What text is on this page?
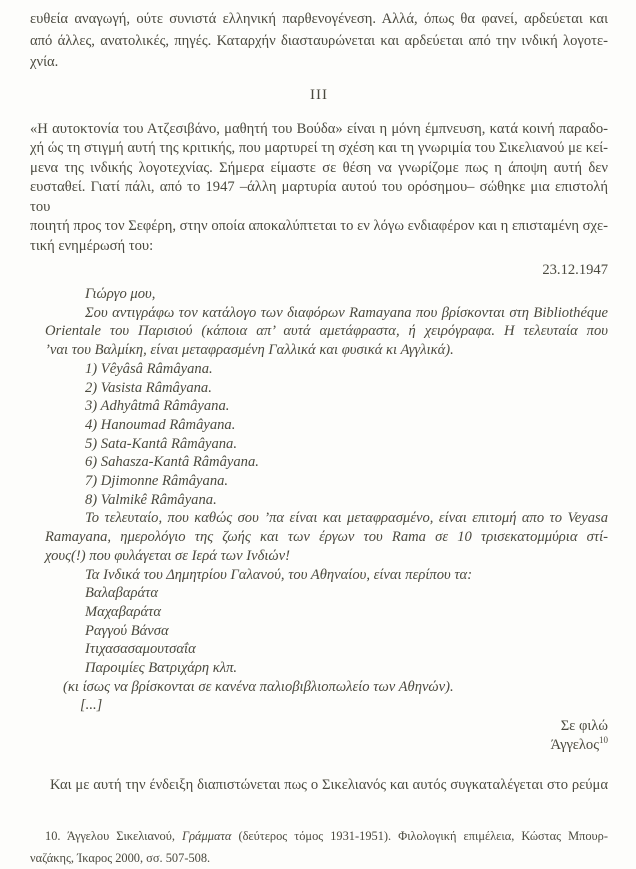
ευθεία αναγωγή, ούτε συνιστά ελληνική παρθενογένεση. Αλλά, όπως θα φανεί, αρδεύεται και
από άλλες, ανατολικές, πηγές. Καταρχήν διασταυρώνεται και αρδεύεται από την ινδική λογοτε-
χνία.
III
«Η αυτοκτονία του Ατζεσιβάνο, μαθητή του Βούδα» είναι η μόνη έμπνευση, κατά κοινή παραδο-
χή ώς τη στιγμή αυτή της κριτικής, που μαρτυρεί τη σχέση και τη γνωριμία του Σικελιανού με κεί-
μενα της ινδικής λογοτεχνίας. Σήμερα είμαστε σε θέση να γνωρίζομε πως η άποψη αυτή δεν
ευσταθεί. Γιατί πάλι, από το 1947 –άλλη μαρτυρία αυτού του ορόσημου– σώθηκε μια επιστολή του
ποιητή προς τον Σεφέρη, στην οποία αποκαλύπτεται το εν λόγω ενδιαφέρον και η επισταμένη σχε-
τική ενημέρωσή του:
23.12.1947
Γιώργο μου,
Σου αντιγράφω τον κατάλογο των διαφόρων Ramayana που βρίσκονται στη Bibliothéque
Orientale του Παρισιού (κάποια απ’ αυτά αμετάφραστα, ή χειρόγραφα. Η τελευταία που
’ναι του Βαλμίκη, είναι μεταφρασμένη Γαλλικά και φυσικά κι Αγγλικά).
1) Vêyâsâ Râmâyana.
2) Vasista Râmâyana.
3) Adhyâtmâ Râmâyana.
4) Hanoumad Râmâyana.
5) Sata-Kantâ Râmâyana.
6) Sahasza-Kantâ Râmâyana.
7) Djimonne Râmâyana.
8) Valmikê Râmâyana.
Το τελευταίο, που καθώς σου ’πα είναι και μεταφρασμένο, είναι επιτομή απο το Veyasa
Ramayana, ημερολόγιο της ζωής και των έργων του Rama σε 10 τρισεκατομμύρια στί-
χους(!) που φυλάγεται σε Ιερά των Ινδιών!
Τα Ινδικά του Δημητρίου Γαλανού, του Αθηναίου, είναι περίπου τα:
Βαλαβαράτα
Μαχαβαράτα
Ραγγού Βάνσα
Ιτιχασασαμουτσαΐα
Παροιμίες Βατριχάρη κλπ.
(κι ίσως να βρίσκονται σε κανένα παλιοβιβλιοπωλείο των Αθηνών).
[...]
Σε φιλώ
Άγγελος$^{10}$
Και με αυτή την ένδειξη διαπιστώνεται πως ο Σικελιανός και αυτός συγκαταλέγεται στο ρεύμα
10. Άγγελου Σικελιανού, Γράμματα (δεύτερος τόμος 1931-1951). Φιλολογική επιμέλεια, Κώστας Μπουρ-
ναζάκης, Ίκαρος 2000, σσ. 507-508.
